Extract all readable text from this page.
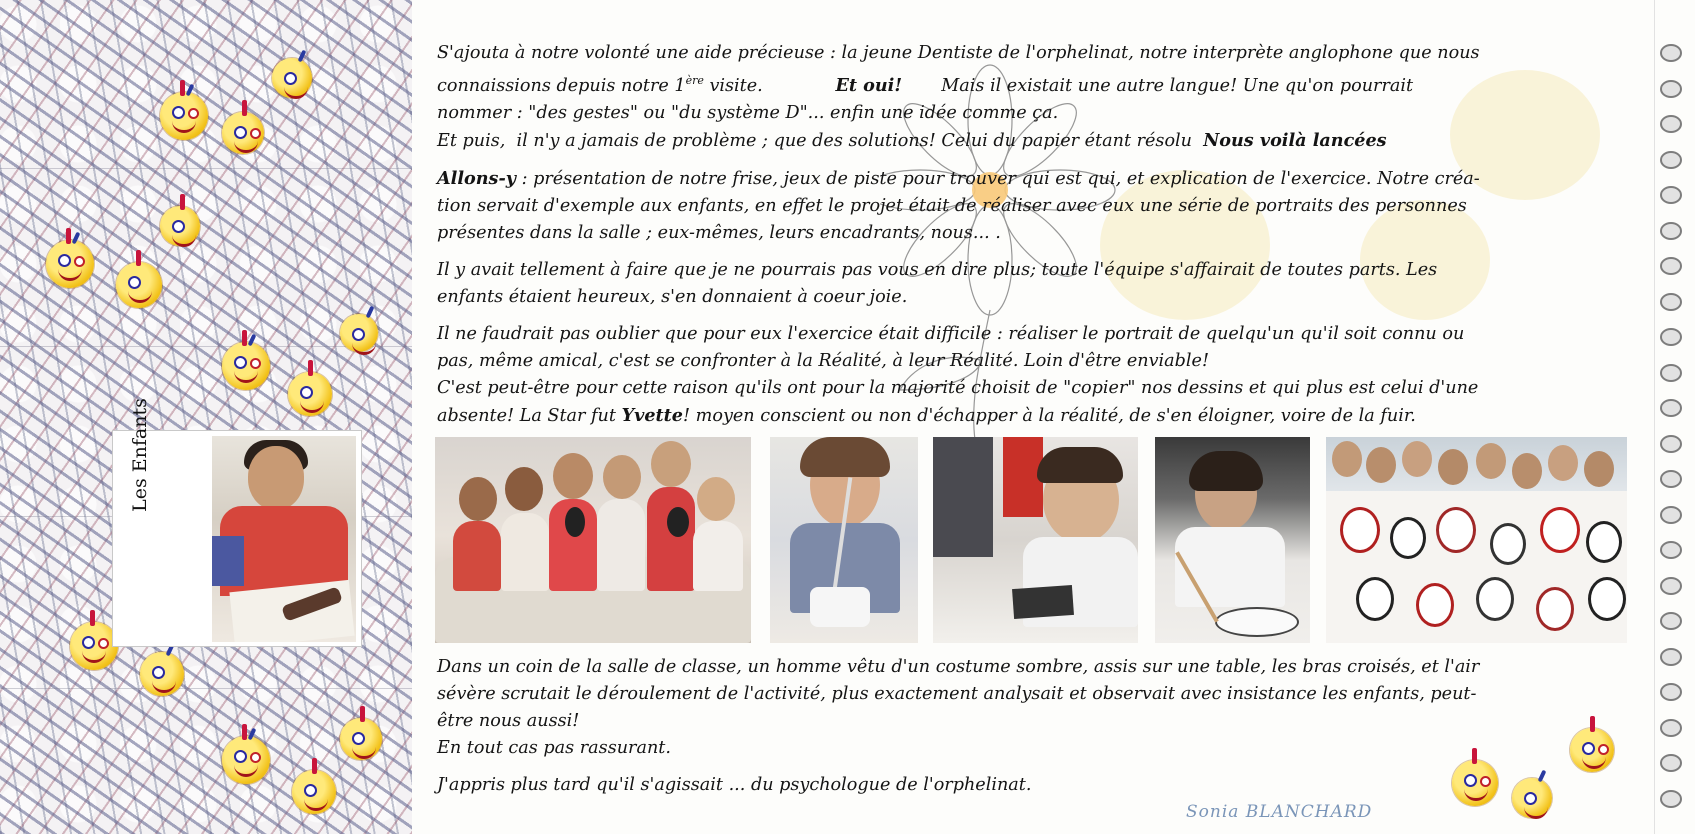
Les Enfants
S'ajouta à notre volonté une aide précieuse : la jeune Dentiste de l'orphelinat, notre interprète anglophone que nous
connaissions depuis notre 1ère visite.             Et oui!       Mais il existait une autre langue! Une qu'on pourrait
nommer : "des gestes" ou "du système D"... enfin une idée comme ça.
Et puis,  il n'y a jamais de problème ; que des solutions! Celui du papier étant résolu  Nous voilà lancées
Allons-y : présentation de notre frise, jeux de piste pour trouver qui est qui, et explication de l'exercice. Notre créa-
tion servait d'exemple aux enfants, en effet le projet était de réaliser avec eux une série de portraits des personnes
présentes dans la salle ; eux-mêmes, leurs encadrants, nous... .
Il y avait tellement à faire que je ne pourrais pas vous en dire plus; toute l'équipe s'affairait de toutes parts. Les
enfants étaient heureux, s'en donnaient à coeur joie.
Il ne faudrait pas oublier que pour eux l'exercice était difficile : réaliser le portrait de quelqu'un qu'il soit connu ou
pas, même amical, c'est se confronter à la Réalité, à leur Réalité. Loin d'être enviable!
C'est peut-être pour cette raison qu'ils ont pour la majorité choisit de "copier" nos dessins et qui plus est celui d'une
absente! La Star fut Yvette! moyen conscient ou non d'échapper à la réalité, de s'en éloigner, voire de la fuir.
Dans un coin de la salle de classe, un homme vêtu d'un costume sombre, assis sur une table, les bras croisés, et l'air
sévère scrutait le déroulement de l'activité, plus exactement analysait et observait avec insistance les enfants, peut-
être nous aussi!
En tout cas pas rassurant.
J'appris plus tard qu'il s'agissait ... du psychologue de l'orphelinat.
Sonia BLANCHARD
